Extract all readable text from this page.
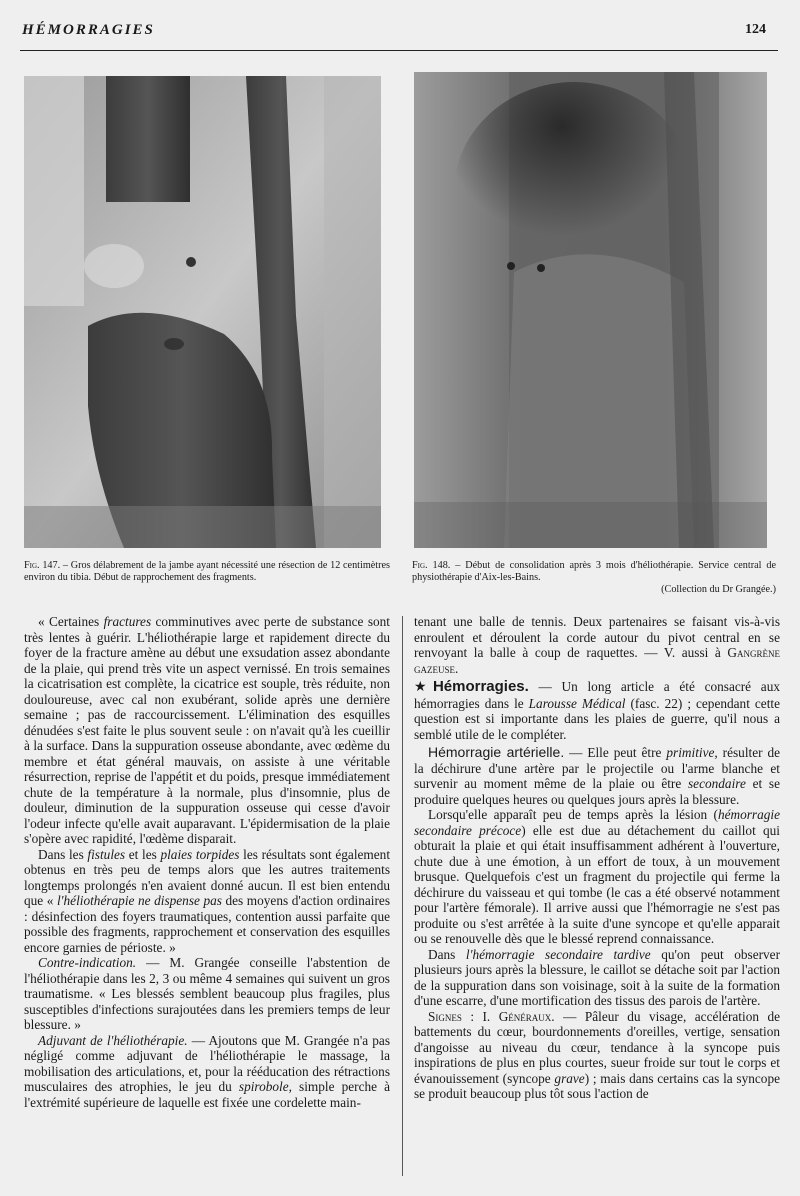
HÉMORRAGIES	124
Fig. 147. – Gros délabrement de la jambe ayant nécessité une résection de 12 centimètres environ du tibia. Début de rapprochement des fragments.
Fig. 148. – Début de consolidation après 3 mois d'héliothérapie. Service central de physiothérapie d'Aix-les-Bains.
(Collection du Dr Grangée.)

« Certaines fractures comminutives avec perte de substance sont très lentes à guérir. L'héliothérapie large et rapidement directe du foyer de la fracture amène au début une exsudation assez abondante de la plaie, qui prend très vite un aspect vernissé. En trois semaines la cicatrisation est complète, la cicatrice est souple, très réduite, non douloureuse, avec cal non exubérant, solide après une dernière semaine ; pas de raccourcissement. L'élimination des esquilles dénudées s'est faite le plus souvent seule : on n'avait qu'à les cueillir à la surface. Dans la suppuration osseuse abondante, avec œdème du membre et état général mauvais, on assiste à une véritable résurrection, reprise de l'appétit et du poids, presque immédiatement chute de la température à la normale, plus d'insomnie, plus de douleur, diminution de la suppuration osseuse qui cesse d'avoir l'odeur infecte qu'elle avait auparavant. L'épidermisation de la plaie s'opère avec rapidité, l'œdème disparait.

Dans les fistules et les plaies torpides les résultats sont également obtenus en très peu de temps alors que les autres traitements longtemps prolongés n'en avaient donné aucun. Il est bien entendu que « l'héliothérapie ne dispense pas des moyens d'action ordinaires : désinfection des foyers traumatiques, contention aussi parfaite que possible des fragments, rapprochement et conservation des esquilles encore garnies de périoste. »

Contre-indication. — M. Grangée conseille l'abstention de l'héliothérapie dans les 2, 3 ou même 4 semaines qui suivent un gros traumatisme. « Les blessés semblent beaucoup plus fragiles, plus susceptibles d'infections surajoutées dans les premiers temps de leur blessure. »

Adjuvant de l'héliothérapie. — Ajoutons que M. Grangée n'a pas négligé comme adjuvant de l'héliothérapie le massage, la mobilisation des articulations, et, pour la rééducation des rétractions musculaires des atrophies, le jeu du spirobole, simple perche à l'extrémité supérieure de laquelle est fixée une cordelette main-

tenant une balle de tennis. Deux partenaires se faisant vis-à-vis enroulent et déroulent la corde autour du pivot central en se renvoyant la balle à coup de raquettes. — V. aussi à Gangrène gazeuse.

★Hémorragies. — Un long article a été consacré aux hémorragies dans le Larousse Médical (fasc. 22) ; cependant cette question est si importante dans les plaies de guerre, qu'il nous a semblé utile de le compléter.

Hémorragie artérielle. — Elle peut être primitive, résulter de la déchirure d'une artère par le projectile ou l'arme blanche et survenir au moment même de la plaie ou être secondaire et se produire quelques heures ou quelques jours après la blessure.

Lorsqu'elle apparaît peu de temps après la lésion (hémorragie secondaire précoce) elle est due au détachement du caillot qui obturait la plaie et qui était insuffisamment adhérent à l'ouverture, chute due à une émotion, à un effort de toux, à un mouvement brusque. Quelquefois c'est un fragment du projectile qui ferme la déchirure du vaisseau et qui tombe (le cas a été observé notamment pour l'artère fémorale). Il arrive aussi que l'hémorragie ne s'est pas produite ou s'est arrêtée à la suite d'une syncope et qu'elle apparait ou se renouvelle dès que le blessé reprend connaissance.

Dans l'hémorragie secondaire tardive qu'on peut observer plusieurs jours après la blessure, le caillot se détache soit par l'action de la suppuration dans son voisinage, soit à la suite de la formation d'une escarre, d'une mortification des tissus des parois de l'artère.

Signes : I. Généraux. — Pâleur du visage, accélération de battements du cœur, bourdonnements d'oreilles, vertige, sensation d'angoisse au niveau du cœur, tendance à la syncope puis inspirations de plus en plus courtes, sueur froide sur tout le corps et évanouissement (syncope grave) ; mais dans certains cas la syncope se produit beaucoup plus tôt sous l'action de
